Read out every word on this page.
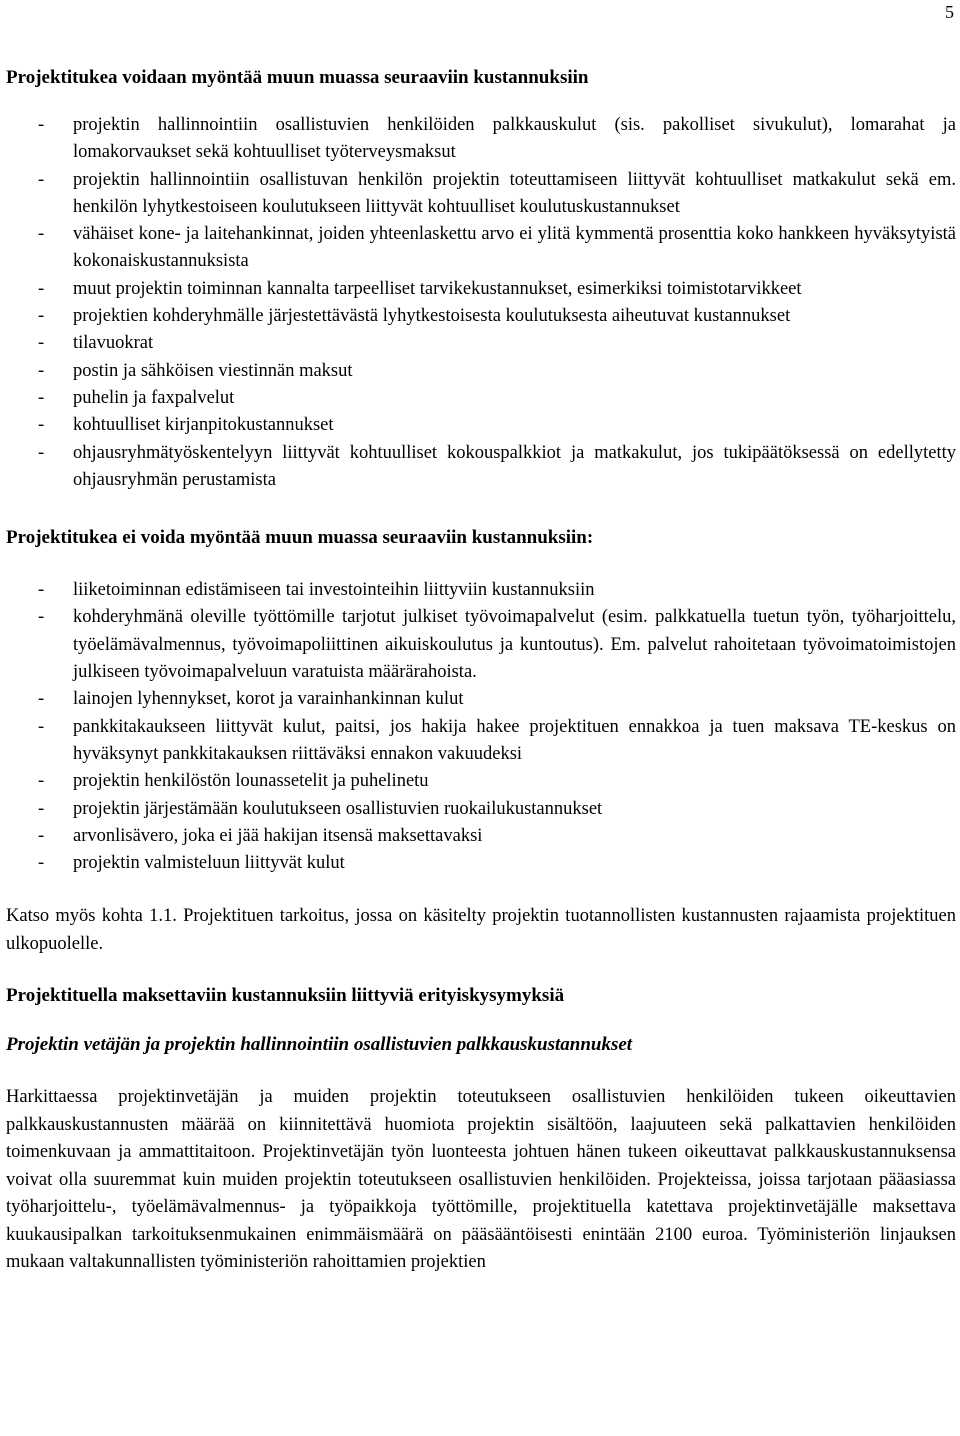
5
Projektitukea voidaan myöntää muun muassa seuraaviin kustannuksiin
- projektin hallinnointiin osallistuvien henkilöiden palkkauskulut (sis. pakolliset sivukulut), lomarahat ja lomakorvaukset sekä kohtuulliset työterveysmaksut
- projektin hallinnointiin osallistuvan henkilön projektin toteuttamiseen liittyvät kohtuulliset matkakulut sekä em. henkilön lyhytkestoiseen koulutukseen liittyvät kohtuulliset koulutuskustannukset
- vähäiset kone- ja laitehankinnat, joiden yhteenlaskettu arvo ei ylitä kymmentä prosenttia koko hankkeen hyväksytyistä kokonaiskustannuksista
- muut projektin toiminnan kannalta tarpeelliset tarvikekustannukset, esimerkiksi toimistotarvikkeet
- projektien kohderyhmälle järjestettävästä lyhytkestoisesta koulutuksesta aiheutuvat kustannukset
- tilavuokrat
- postin ja sähköisen viestinnän maksut
- puhelin ja faxpalvelut
- kohtuulliset kirjanpitokustannukset
- ohjausryhmätyöskentelyyn liittyvät kohtuulliset kokouspalkkiot ja matkakulut, jos tukipäätöksessä on edellytetty ohjausryhmän perustamista
Projektitukea ei voida myöntää muun muassa seuraaviin kustannuksiin:
- liiketoiminnan edistämiseen tai investointeihin liittyviin kustannuksiin
- kohderyhmänä oleville työttömille tarjotut julkiset työvoimapalvelut (esim. palkkatuella tuetun työn, työharjoittelu, työelämävalmennus, työvoimapoliittinen aikuiskoulutus ja kuntoutus). Em. palvelut rahoitetaan työvoimatoimistojen julkiseen työvoimapalveluun varatuista määrärahoista.
- lainojen lyhennykset, korot ja varainhankinnan kulut
- pankkitakaukseen liittyvät kulut, paitsi, jos hakija hakee projektituen ennakkoa ja tuen maksava TE-keskus on hyväksynyt pankkitakauksen riittäväksi ennakon vakuudeksi
- projektin henkilöstön lounassetelit ja puhelinetu
- projektin järjestämään koulutukseen osallistuvien ruokailukustannukset
- arvonlisävero, joka ei jää hakijan itsensä maksettavaksi
- projektin valmisteluun liittyvät kulut

Katso myös kohta 1.1. Projektituen tarkoitus, jossa on käsitelty projektin tuotannollisten kustannusten rajaamista projektituen ulkopuolelle.

Projektituella maksettaviin kustannuksiin liittyviä erityiskysymyksiä
Projektin vetäjän ja projektin hallinnointiin osallistuvien palkkauskustannukset

Harkittaessa projektinvetäjän ja muiden projektin toteutukseen osallistuvien henkilöiden tukeen oikeuttavien palkkauskustannusten määrää on kiinnitettävä huomiota projektin sisältöön, laajuuteen sekä palkattavien henkilöiden toimenkuvaan ja ammattitaitoon. Projektinvetäjän työn luonteesta johtuen hänen tukeen oikeuttavat palkkauskustannuksensa voivat olla suuremmat kuin muiden projektin toteutukseen osallistuvien henkilöiden. Projekteissa, joissa tarjotaan pääasiassa työharjoittelu-, työelämävalmennus- ja työpaikkoja työttömille, projektituella katettava projektinvetäjälle maksettava kuukausipalkan tarkoituksenmukainen enimmäismäärä on pääsääntöisesti enintään 2100 euroa. Työministeriön linjauksen mukaan valtakunnallisten työministeriön rahoittamien projektien
